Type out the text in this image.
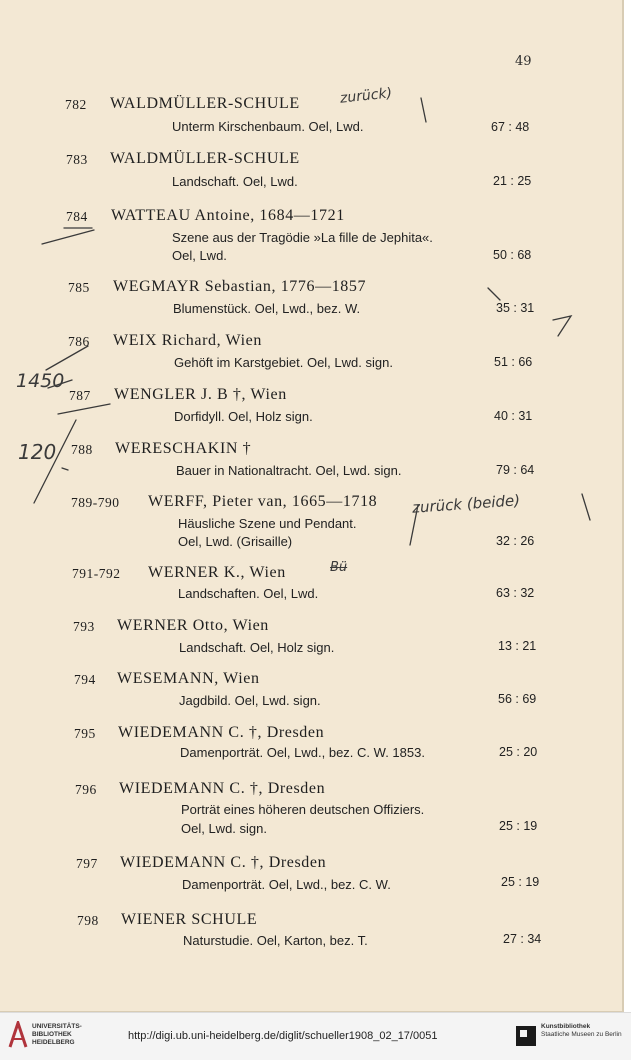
49
782 WALDMÜLLER-SCHULE
Unterm Kirschenbaum. Oel, Lwd.	67 : 48
783 WALDMÜLLER-SCHULE
Landschaft. Oel, Lwd.	21 : 25
784 WATTEAU Antoine, 1684—1721
Szene aus der Tragödie »La fille de Jephita«.
Oel, Lwd.	50 : 68
785 WEGMAYR Sebastian, 1776—1857
Blumenstück. Oel, Lwd., bez. W.	35 : 31
786 WEIX Richard, Wien
Gehöft im Karstgebiet. Oel, Lwd. sign.	51 : 66
787 WENGLER J. B †, Wien
Dorfidyll. Oel, Holz sign.	40 : 31
788 WERESCHAKIN †
Bauer in Nationaltracht. Oel, Lwd. sign.	79 : 64
789-790 WERFF, Pieter van, 1665—1718
Häusliche Szene und Pendant.
Oel, Lwd. (Grisaille)	32 : 26
791-792 WERNER K., Wien
Landschaften. Oel, Lwd.	63 : 32
793 WERNER Otto, Wien
Landschaft. Oel, Holz sign.	13 : 21
794 WESEMANN, Wien
Jagdbild. Oel, Lwd. sign.	56 : 69
795 WIEDEMANN C. †, Dresden
Damenporträt. Oel, Lwd., bez. C. W. 1853.	25 : 20
796 WIEDEMANN C. †, Dresden
Porträt eines höheren deutschen Offiziers.
Oel, Lwd. sign.	25 : 19
797 WIEDEMANN C. †, Dresden
Damenporträt. Oel, Lwd., bez. C. W.	25 : 19
798 WIENER SCHULE
Naturstudie. Oel, Karton, bez. T.	27 : 34
zurück)
1450
120
zurück (beide)
Bü
UNIVERSITÄTS-BIBLIOTHEK HEIDELBERG
http://digi.ub.uni-heidelberg.de/diglit/schueller1908_02_17/0051
Kunstbibliothek
Staatliche Museen zu Berlin
